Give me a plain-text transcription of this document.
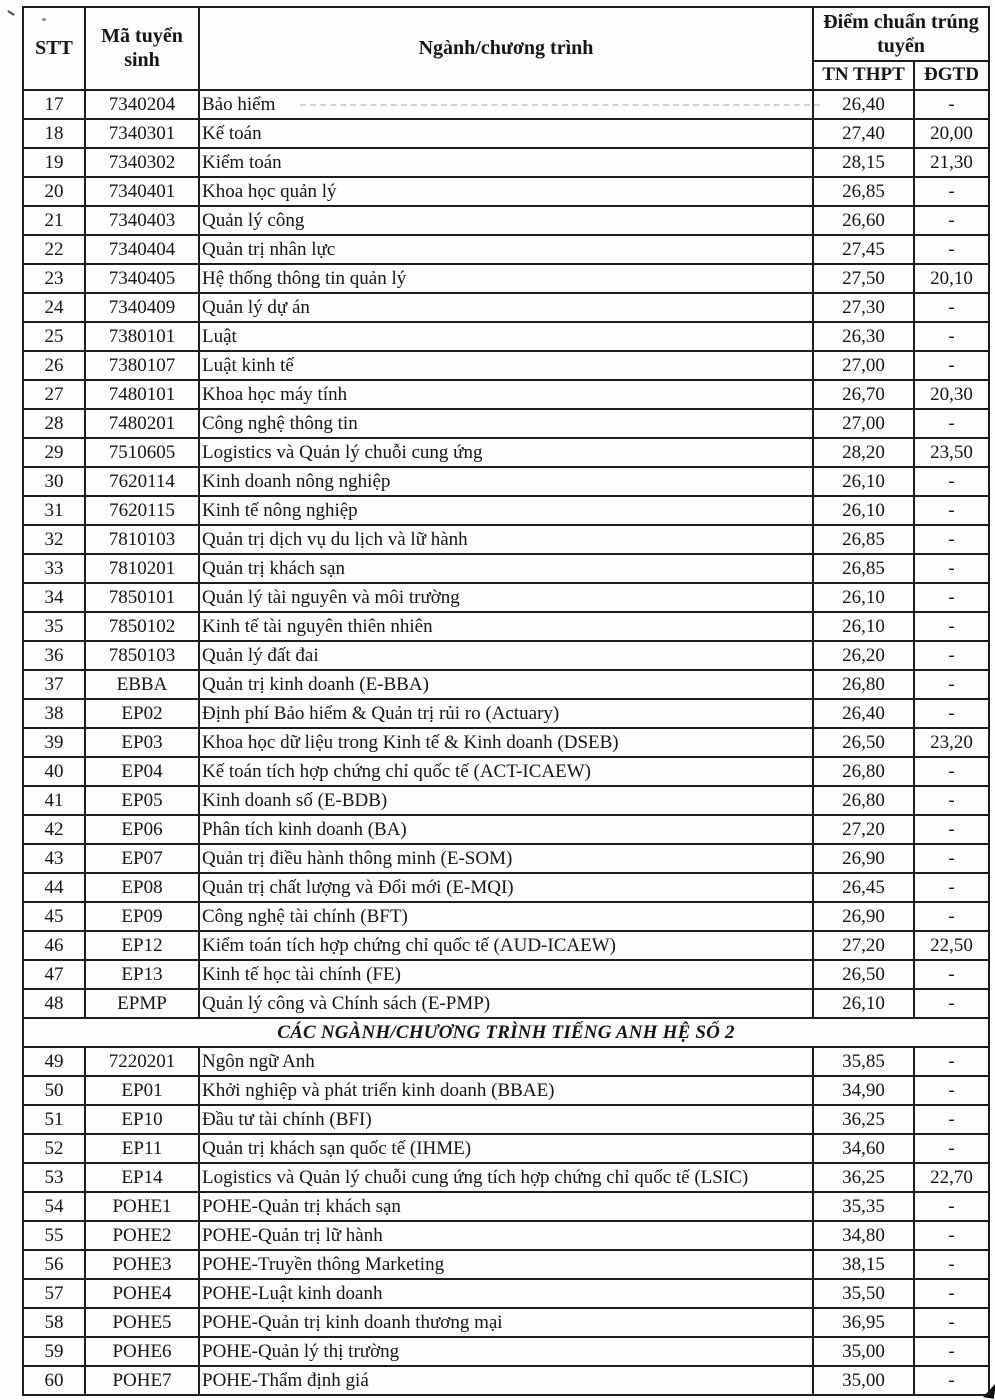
STT	Mã tuyển sinh	Ngành/chương trình	Điểm chuẩn trúng tuyển	
			TN THPT	ĐGTD
17	7340204	Bảo hiểm	26,40	-
18	7340301	Kế toán	27,40	20,00
19	7340302	Kiểm toán	28,15	21,30
20	7340401	Khoa học quản lý	26,85	-
21	7340403	Quản lý công	26,60	-
22	7340404	Quản trị nhân lực	27,45	-
23	7340405	Hệ thống thông tin quản lý	27,50	20,10
24	7340409	Quản lý dự án	27,30	-
25	7380101	Luật	26,30	-
26	7380107	Luật kinh tế	27,00	-
27	7480101	Khoa học máy tính	26,70	20,30
28	7480201	Công nghệ thông tin	27,00	-
29	7510605	Logistics và Quản lý chuỗi cung ứng	28,20	23,50
30	7620114	Kinh doanh nông nghiệp	26,10	-
31	7620115	Kinh tế nông nghiệp	26,10	-
32	7810103	Quản trị dịch vụ du lịch và lữ hành	26,85	-
33	7810201	Quản trị khách sạn	26,85	-
34	7850101	Quản lý tài nguyên và môi trường	26,10	-
35	7850102	Kinh tế tài nguyên thiên nhiên	26,10	-
36	7850103	Quản lý đất đai	26,20	-
37	EBBA	Quản trị kinh doanh (E-BBA)	26,80	-
38	EP02	Định phí Bảo hiểm & Quản trị rủi ro (Actuary)	26,40	-
39	EP03	Khoa học dữ liệu trong Kinh tế & Kinh doanh (DSEB)	26,50	23,20
40	EP04	Kế toán tích hợp chứng chỉ quốc tế (ACT-ICAEW)	26,80	-
41	EP05	Kinh doanh số (E-BDB)	26,80	-
42	EP06	Phân tích kinh doanh (BA)	27,20	-
43	EP07	Quản trị điều hành thông minh (E-SOM)	26,90	-
44	EP08	Quản trị chất lượng và Đổi mới (E-MQI)	26,45	-
45	EP09	Công nghệ tài chính (BFT)	26,90	-
46	EP12	Kiểm toán tích hợp chứng chỉ quốc tế (AUD-ICAEW)	27,20	22,50
47	EP13	Kinh tế học tài chính (FE)	26,50	-
48	EPMP	Quản lý công và Chính sách (E-PMP)	26,10	-
CÁC NGÀNH/CHƯƠNG TRÌNH TIẾNG ANH HỆ SỐ 2				
49	7220201	Ngôn ngữ Anh	35,85	-
50	EP01	Khởi nghiệp và phát triển kinh doanh (BBAE)	34,90	-
51	EP10	Đầu tư tài chính (BFI)	36,25	-
52	EP11	Quản trị khách sạn quốc tế (IHME)	34,60	-
53	EP14	Logistics và Quản lý chuỗi cung ứng tích hợp chứng chỉ quốc tế (LSIC)	36,25	22,70
54	POHE1	POHE-Quản trị khách sạn	35,35	-
55	POHE2	POHE-Quản trị lữ hành	34,80	-
56	POHE3	POHE-Truyền thông Marketing	38,15	-
57	POHE4	POHE-Luật kinh doanh	35,50	-
58	POHE5	POHE-Quản trị kinh doanh thương mại	36,95	-
59	POHE6	POHE-Quản lý thị trường	35,00	-
60	POHE7	POHE-Thẩm định giá	35,00	-
